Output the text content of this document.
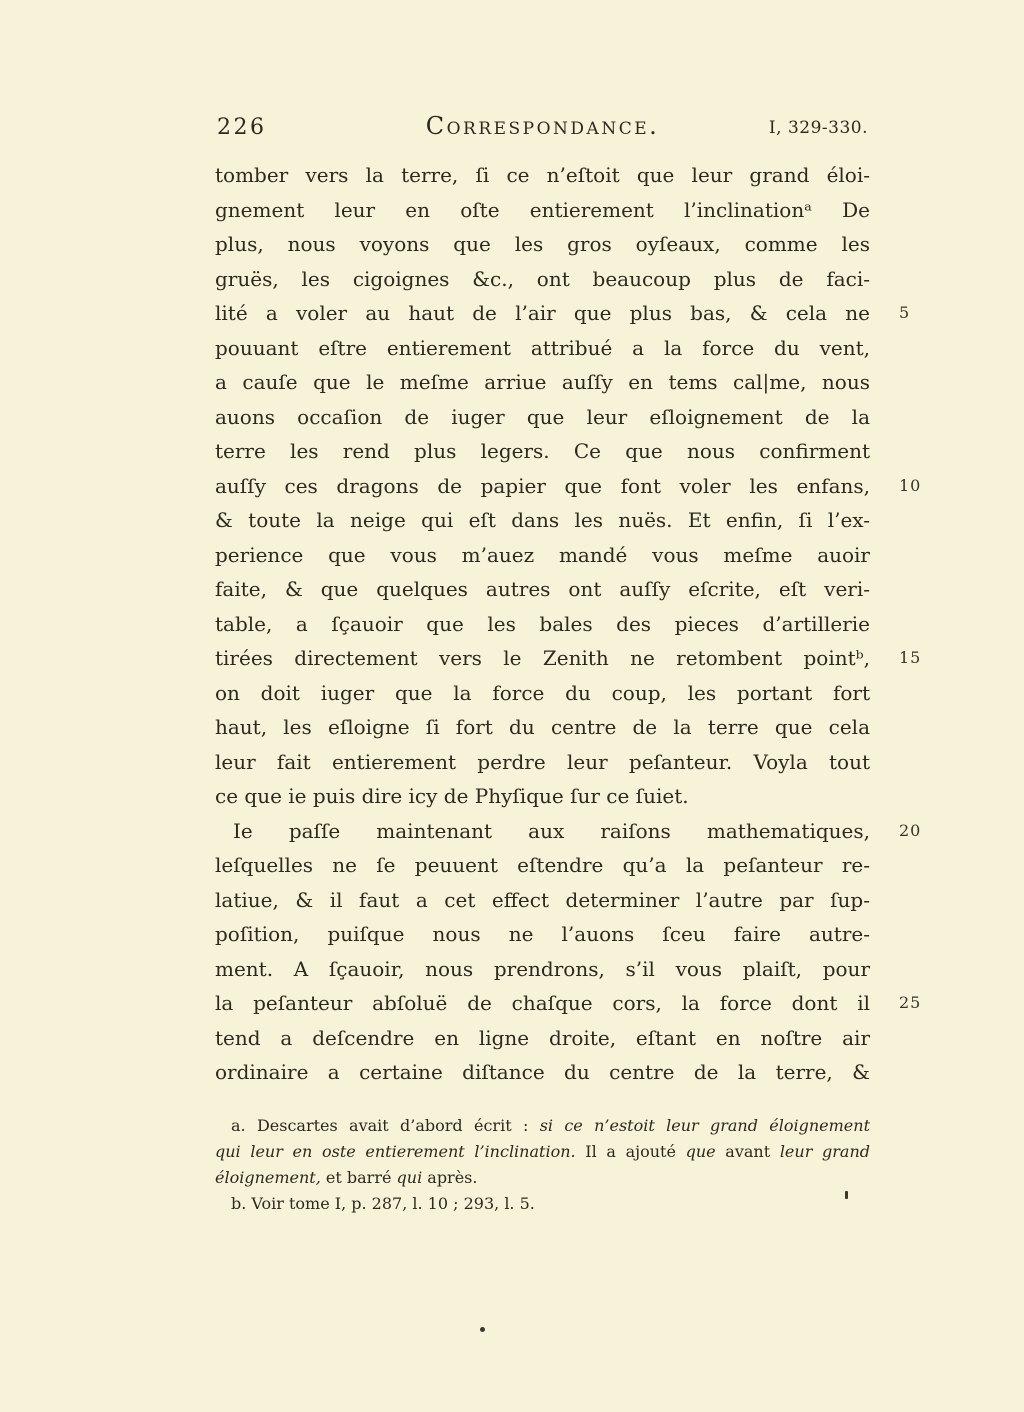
226	Correspondance.	I, 329-330.
tomber vers la terre, ſi ce n’eſtoit que leur grand éloi-
gnement leur en oſte entierement l’inclinationᵃ De
plus, nous voyons que les gros oyſeaux, comme les
gruës, les cigoignes &c., ont beaucoup plus de faci-
lité a voler au haut de l’air que plus bas, & cela ne 5
pouuant eſtre entierement attribué a la force du vent,
a cauſe que le meſme arriue auſſy en tems cal|me, nous
auons occaſion de iuger que leur eſloignement de la
terre les rend plus legers. Ce que nous confirment
auſſy ces dragons de papier que font voler les enfans, 10
& toute la neige qui eſt dans les nuës. Et enfin, ſi l’ex-
perience que vous m’auez mandé vous meſme auoir
faite, & que quelques autres ont auſſy eſcrite, eſt veri-
table, a ſçauoir que les bales des pieces d’artillerie
tirées directement vers le Zenith ne retombent pointᵇ, 15
on doit iuger que la force du coup, les portant fort
haut, les eſloigne ſi fort du centre de la terre que cela
leur fait entierement perdre leur peſanteur. Voyla tout
ce que ie puis dire icy de Phyſique ſur ce ſuiet.
Ie paſſe maintenant aux raiſons mathematiques, 20
leſquelles ne ſe peuuent eſtendre qu’a la peſanteur re-
latiue, & il faut a cet effect determiner l’autre par ſup-
poſition, puiſque nous ne l’auons ſceu faire autre-
ment. A ſçauoir, nous prendrons, s’il vous plaiſt, pour
la peſanteur abſoluë de chaſque cors, la force dont il 25
tend a deſcendre en ligne droite, eſtant en noſtre air
ordinaire a certaine diſtance du centre de la terre, &
a. Descartes avait d’abord écrit : si ce n’estoit leur grand éloignement
qui leur en oste entierement l’inclination. Il a ajouté que avant leur grand
éloignement, et barré qui après.
b. Voir tome I, p. 287, l. 10 ; 293, l. 5.
